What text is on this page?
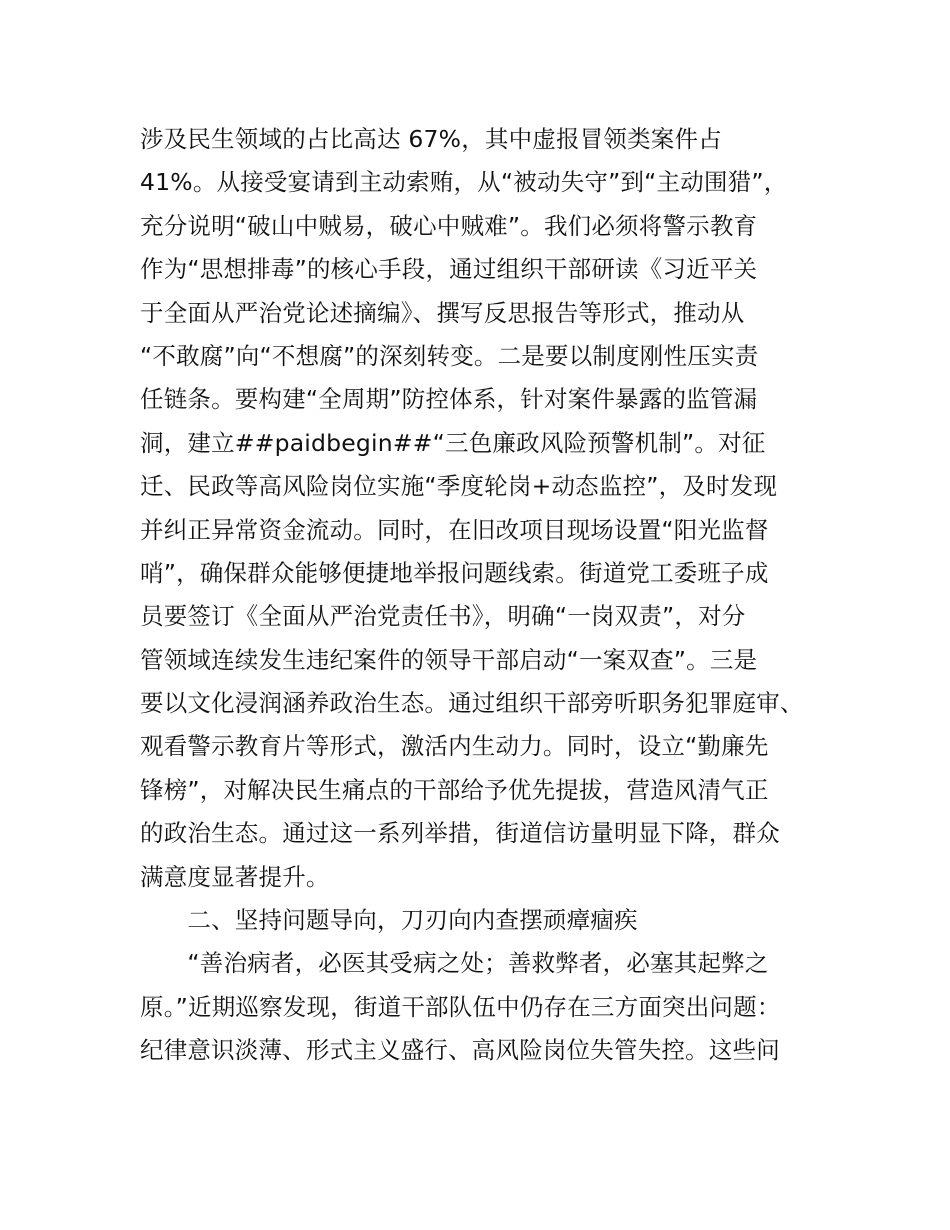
涉及民生领域的占比高达 67%，其中虚报冒领类案件占
41%。从接受宴请到主动索贿，从“被动失守”到“主动围猎”，
充分说明“破山中贼易，破心中贼难”。我们必须将警示教育
作为“思想排毒”的核心手段，通过组织干部研读《习近平关
于全面从严治党论述摘编》、撰写反思报告等形式，推动从
“不敢腐”向“不想腐”的深刻转变。二是要以制度刚性压实责
任链条。要构建“全周期”防控体系，针对案件暴露的监管漏
洞，建立##paidbegin##“三色廉政风险预警机制”。对征
迁、民政等高风险岗位实施“季度轮岗+动态监控”，及时发现
并纠正异常资金流动。同时，在旧改项目现场设置“阳光监督
哨”，确保群众能够便捷地举报问题线索。街道党工委班子成
员要签订《全面从严治党责任书》，明确“一岗双责”，对分
管领域连续发生违纪案件的领导干部启动“一案双查”。三是
要以文化浸润涵养政治生态。通过组织干部旁听职务犯罪庭审、
观看警示教育片等形式，激活内生动力。同时，设立“勤廉先
锋榜”，对解决民生痛点的干部给予优先提拔，营造风清气正
的政治生态。通过这一系列举措，街道信访量明显下降，群众
满意度显著提升。
　　二、坚持问题导向，刀刃向内查摆顽瘴痼疾
　　“善治病者，必医其受病之处；善救弊者，必塞其起弊之
原。”近期巡察发现，街道干部队伍中仍存在三方面突出问题：
纪律意识淡薄、形式主义盛行、高风险岗位失管失控。这些问
